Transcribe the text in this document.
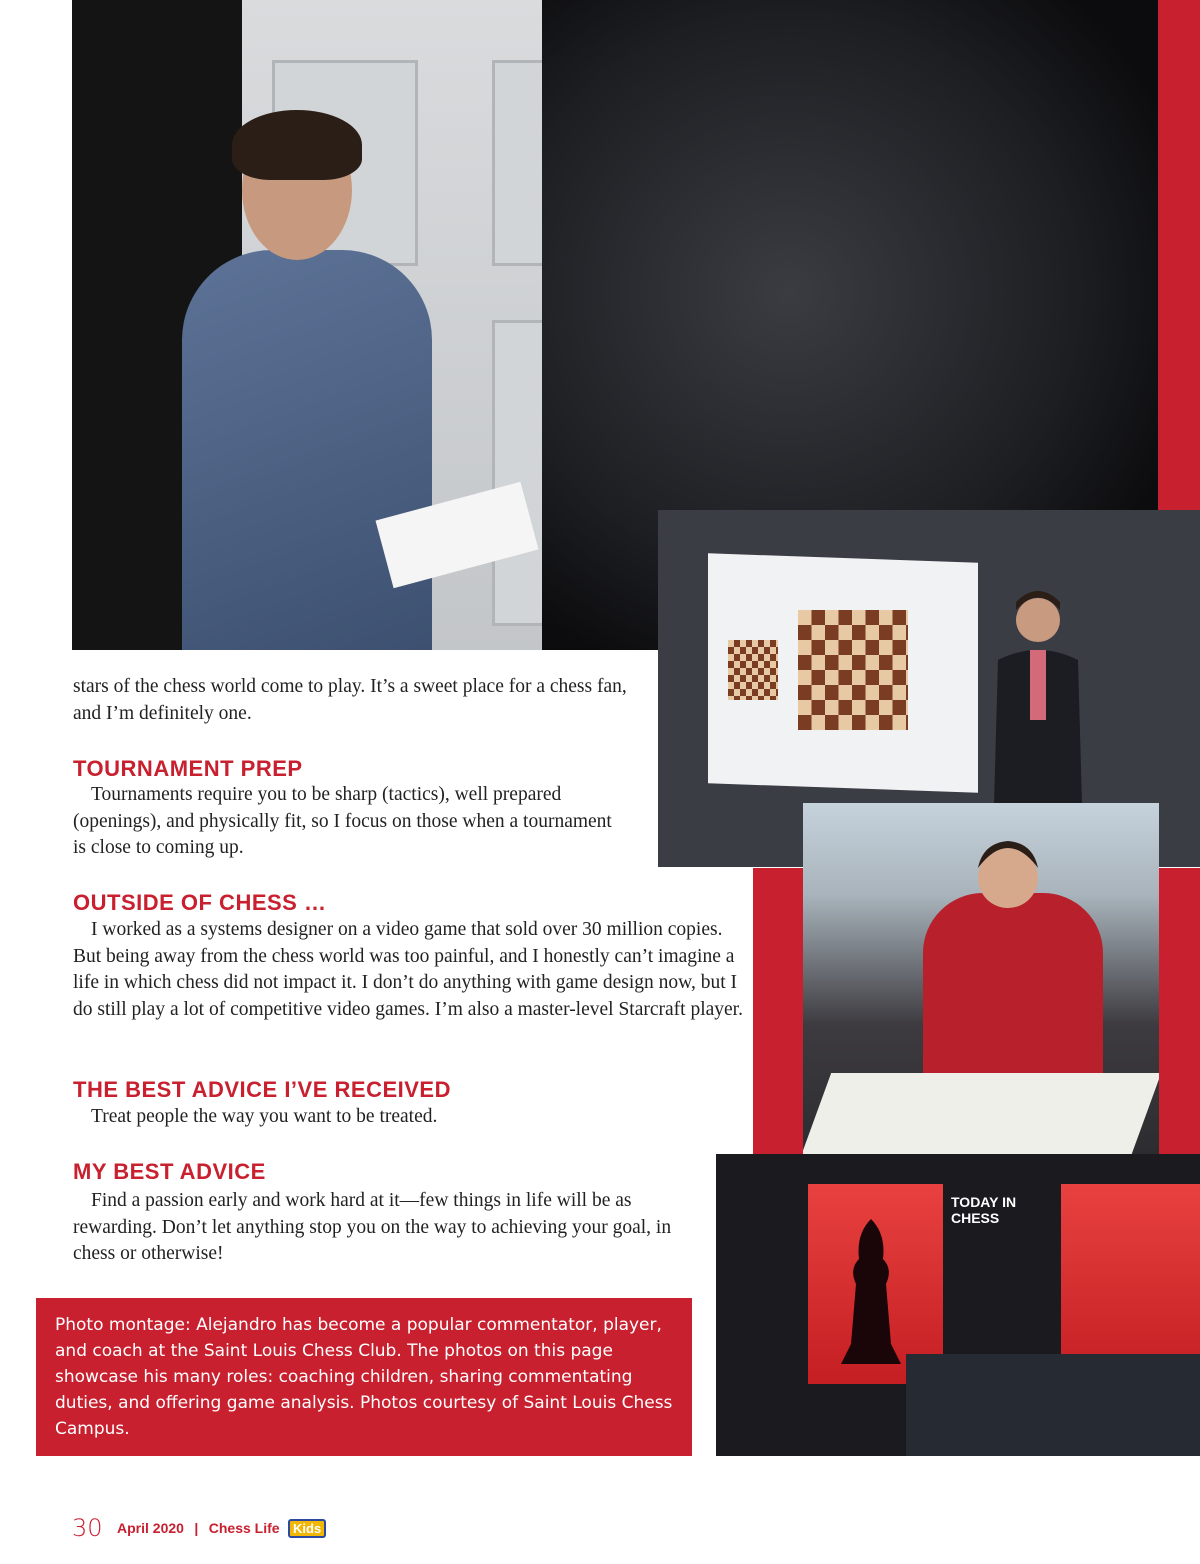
TODAY IN CHESS

stars of the chess world come to play. It’s a sweet place for a chess fan, and I’m definitely one.

TOURNAMENT PREP

Tournaments require you to be sharp (tactics), well prepared (openings), and physically fit, so I focus on those when a tournament is close to coming up.

OUTSIDE OF CHESS …

I worked as a systems designer on a video game that sold over 30 million copies. But being away from the chess world was too painful, and I honestly can’t imagine a life in which chess did not impact it. I don’t do anything with game design now, but I do still play a lot of competitive video games. I’m also a master-level Starcraft player.

THE BEST ADVICE I’VE RECEIVED

Treat people the way you want to be treated.

MY BEST ADVICE

Find a passion early and work hard at it—few things in life will be as rewarding. Don’t let anything stop you on the way to achieving your goal, in chess or otherwise!

Photo montage: Alejandro has become a popular commentator, player, and coach at the Saint Louis Chess Club. The photos on this page showcase his many roles: coaching children, sharing commentating duties, and offering game analysis. Photos courtesy of Saint Louis Chess Campus.
30 April 2020 | Chess Life Kids
